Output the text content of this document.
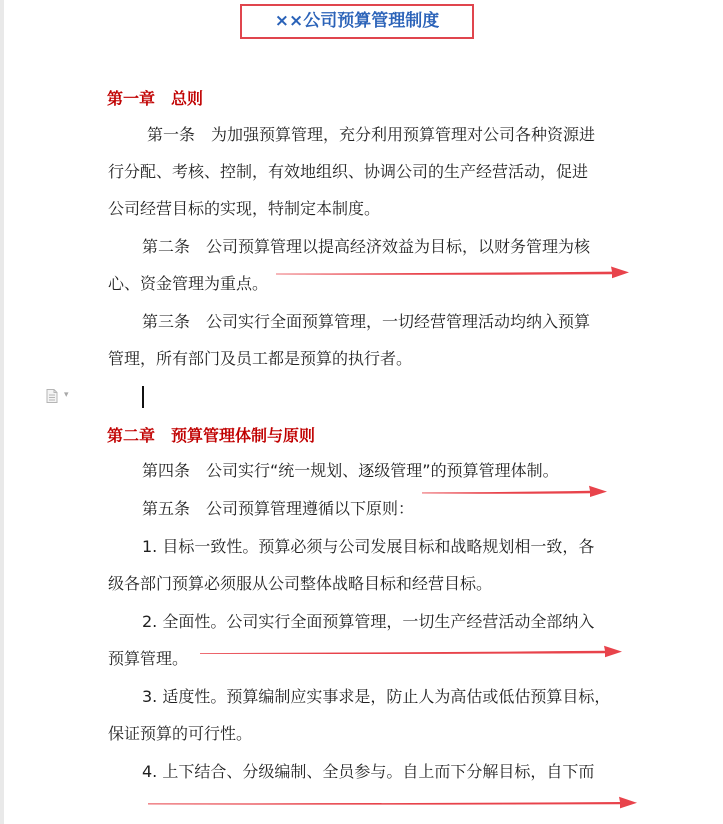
××公司预算管理制度
第一章　总则
第一条　为加强预算管理，充分利用预算管理对公司各种资源进
行分配、考核、控制，有效地组织、协调公司的生产经营活动，促进
公司经营目标的实现，特制定本制度。
第二条　公司预算管理以提高经济效益为目标，以财务管理为核
心、资金管理为重点。
第三条　公司实行全面预算管理，一切经营管理活动均纳入预算
管理，所有部门及员工都是预算的执行者。
▾
第二章　预算管理体制与原则
第四条　公司实行“统一规划、逐级管理”的预算管理体制。
第五条　公司预算管理遵循以下原则：
1. 目标一致性。预算必须与公司发展目标和战略规划相一致，各
级各部门预算必须服从公司整体战略目标和经营目标。
2. 全面性。公司实行全面预算管理，一切生产经营活动全部纳入
预算管理。
3. 适度性。预算编制应实事求是，防止人为高估或低估预算目标，
保证预算的可行性。
4. 上下结合、分级编制、全员参与。自上而下分解目标，自下而
